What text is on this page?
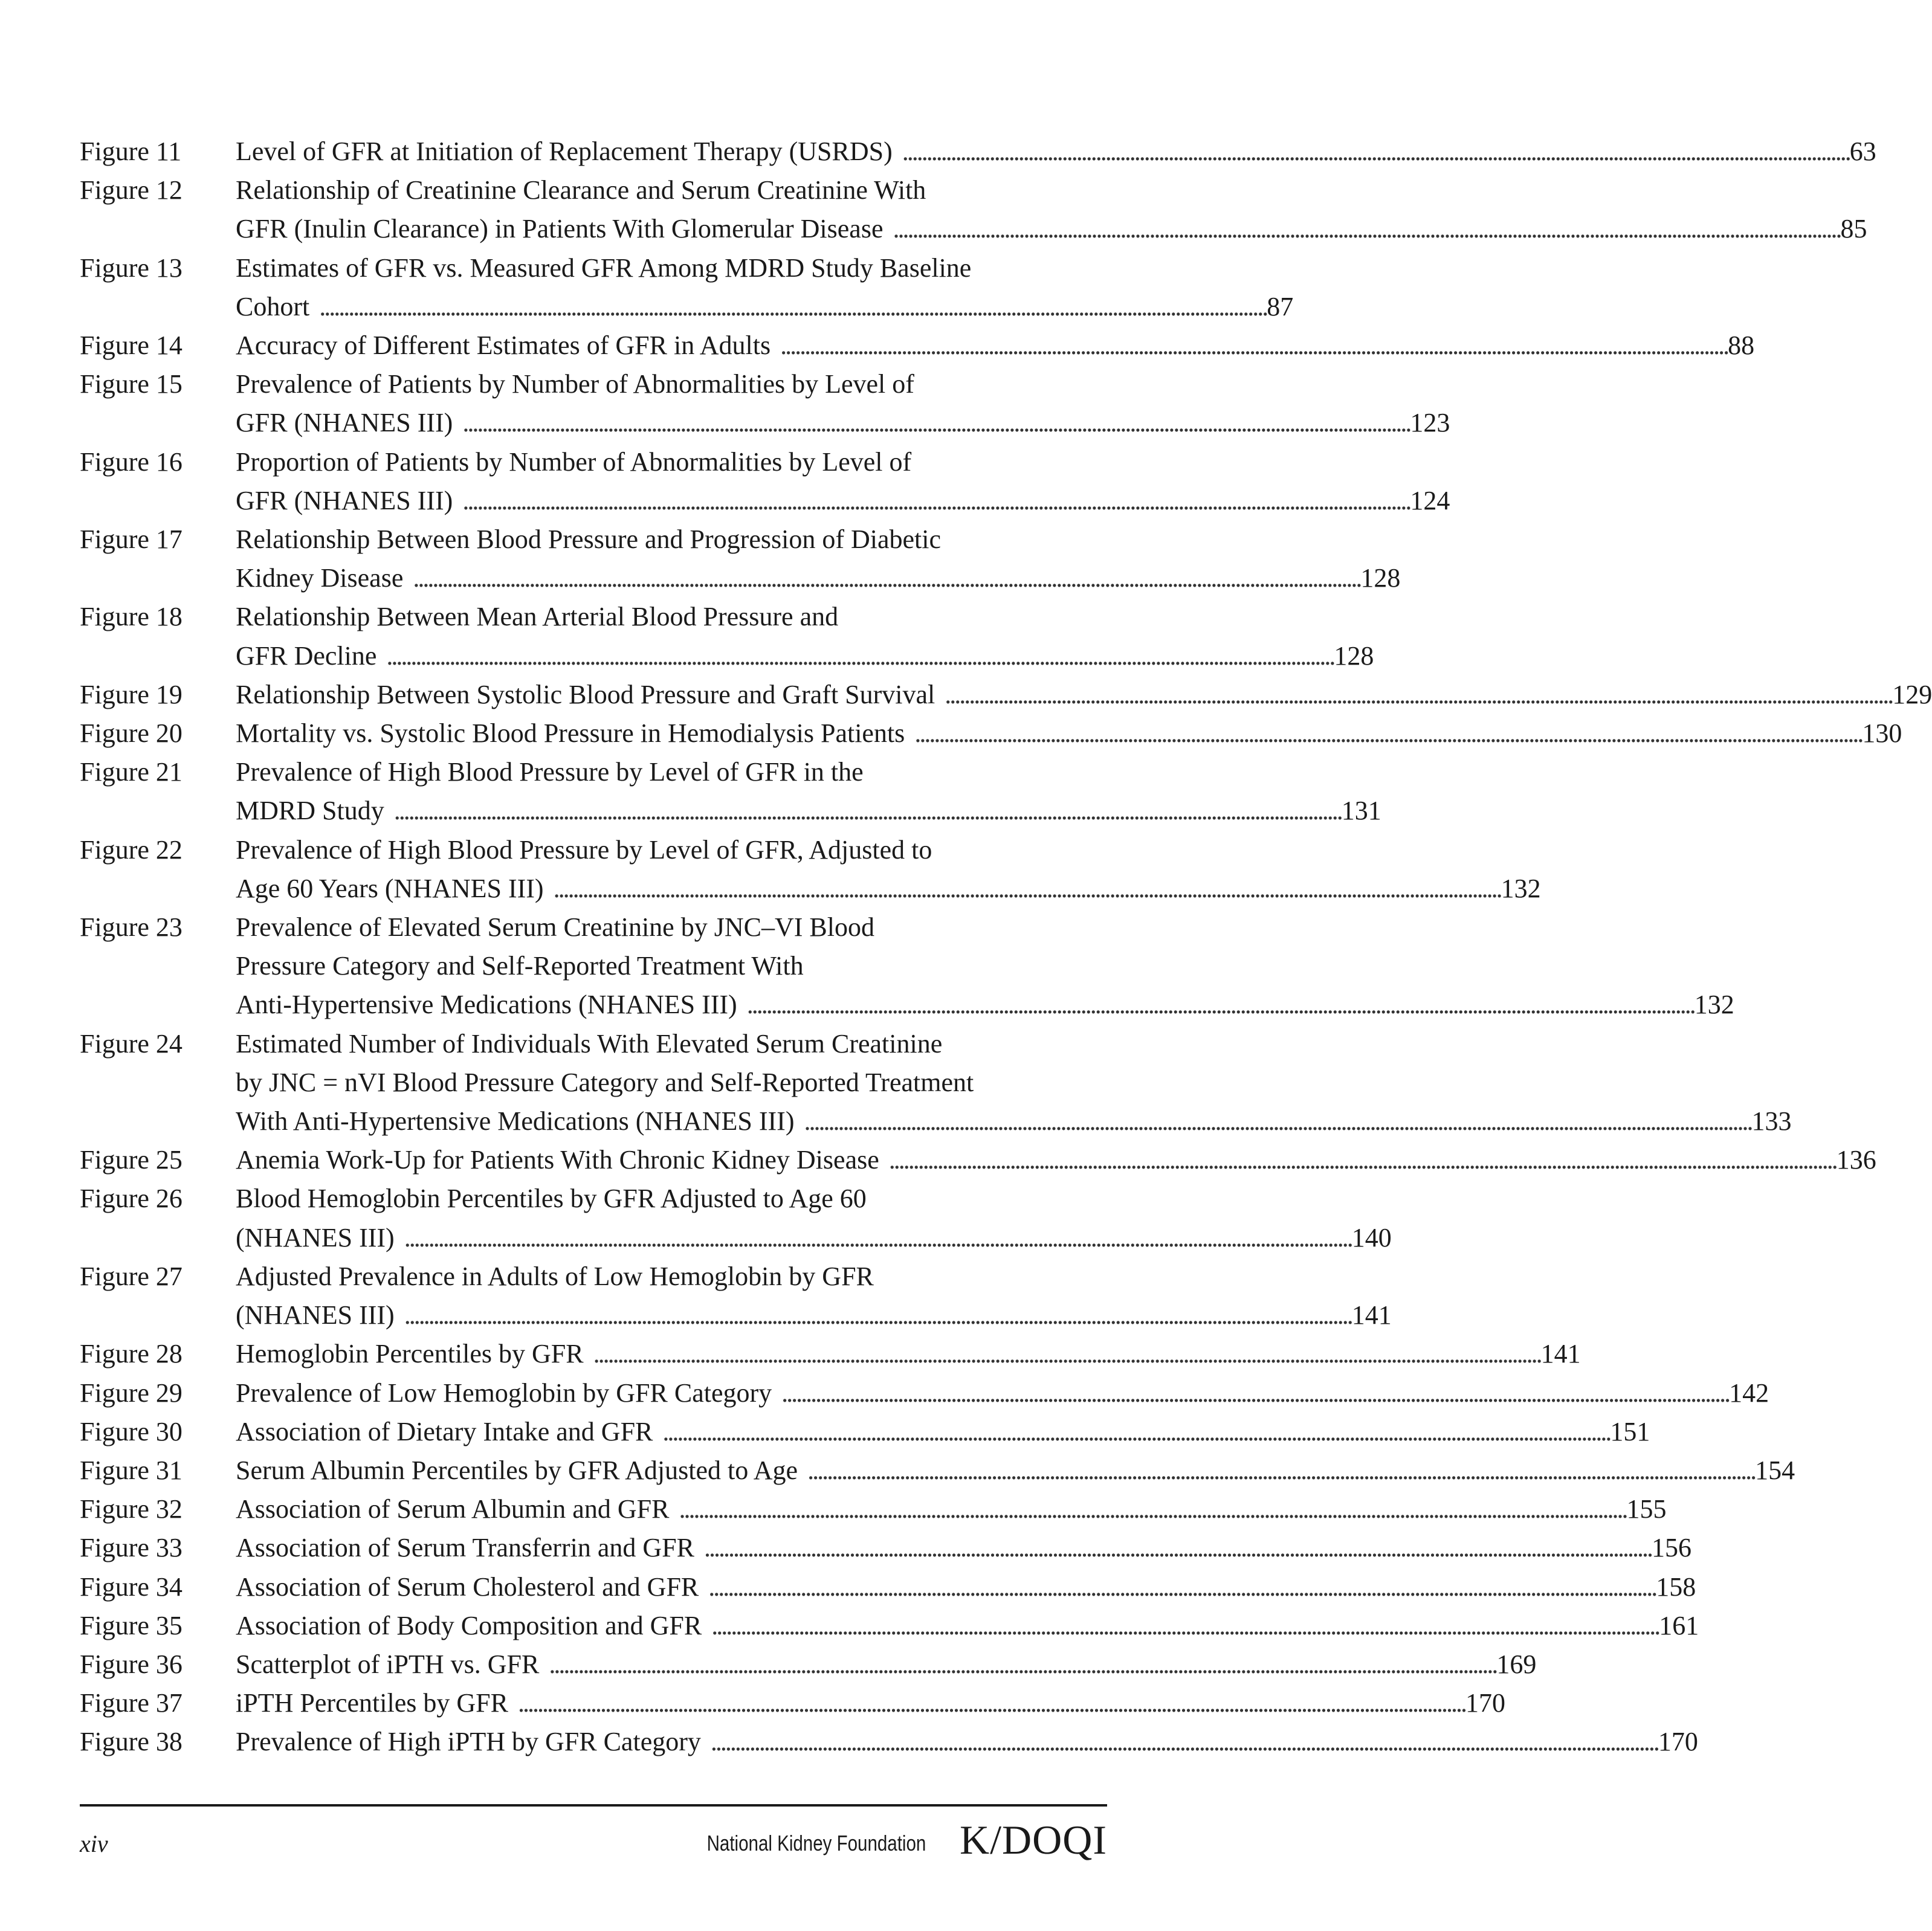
Figure 11	Level of GFR at Initiation of Replacement Therapy (USRDS) . . .	63
Figure 12	Relationship of Creatinine Clearance and Serum Creatinine With
GFR (Inulin Clearance) in Patients With Glomerular Disease . . .	85
Figure 13	Estimates of GFR vs. Measured GFR Among MDRD Study Baseline
Cohort . . .	87
Figure 14	Accuracy of Different Estimates of GFR in Adults . . .	88
Figure 15	Prevalence of Patients by Number of Abnormalities by Level of
GFR (NHANES III) . . .	123
Figure 16	Proportion of Patients by Number of Abnormalities by Level of
GFR (NHANES III) . . .	124
Figure 17	Relationship Between Blood Pressure and Progression of Diabetic
Kidney Disease . . .	128
Figure 18	Relationship Between Mean Arterial Blood Pressure and
GFR Decline . . .	128
Figure 19	Relationship Between Systolic Blood Pressure and Graft Survival . . .	129
Figure 20	Mortality vs. Systolic Blood Pressure in Hemodialysis Patients . . .	130
Figure 21	Prevalence of High Blood Pressure by Level of GFR in the
MDRD Study . . .	131
Figure 22	Prevalence of High Blood Pressure by Level of GFR, Adjusted to
Age 60 Years (NHANES III) . . .	132
Figure 23	Prevalence of Elevated Serum Creatinine by JNC–VI Blood
Pressure Category and Self-Reported Treatment With
Anti-Hypertensive Medications (NHANES III) . . .	132
Figure 24	Estimated Number of Individuals With Elevated Serum Creatinine
by JNC = nVI Blood Pressure Category and Self-Reported Treatment
With Anti-Hypertensive Medications (NHANES III) . . .	133
Figure 25	Anemia Work-Up for Patients With Chronic Kidney Disease . . .	136
Figure 26	Blood Hemoglobin Percentiles by GFR Adjusted to Age 60
(NHANES III) . . .	140
Figure 27	Adjusted Prevalence in Adults of Low Hemoglobin by GFR
(NHANES III) . . .	141
Figure 28	Hemoglobin Percentiles by GFR . . .	141
Figure 29	Prevalence of Low Hemoglobin by GFR Category . . .	142
Figure 30	Association of Dietary Intake and GFR . . .	151
Figure 31	Serum Albumin Percentiles by GFR Adjusted to Age . . .	154
Figure 32	Association of Serum Albumin and GFR . . .	155
Figure 33	Association of Serum Transferrin and GFR . . .	156
Figure 34	Association of Serum Cholesterol and GFR . . .	158
Figure 35	Association of Body Composition and GFR . . .	161
Figure 36	Scatterplot of iPTH vs. GFR . . .	169
Figure 37	iPTH Percentiles by GFR . . .	170
Figure 38	Prevalence of High iPTH by GFR Category . . .	170
xiv	National Kidney Foundation K/DOQI
